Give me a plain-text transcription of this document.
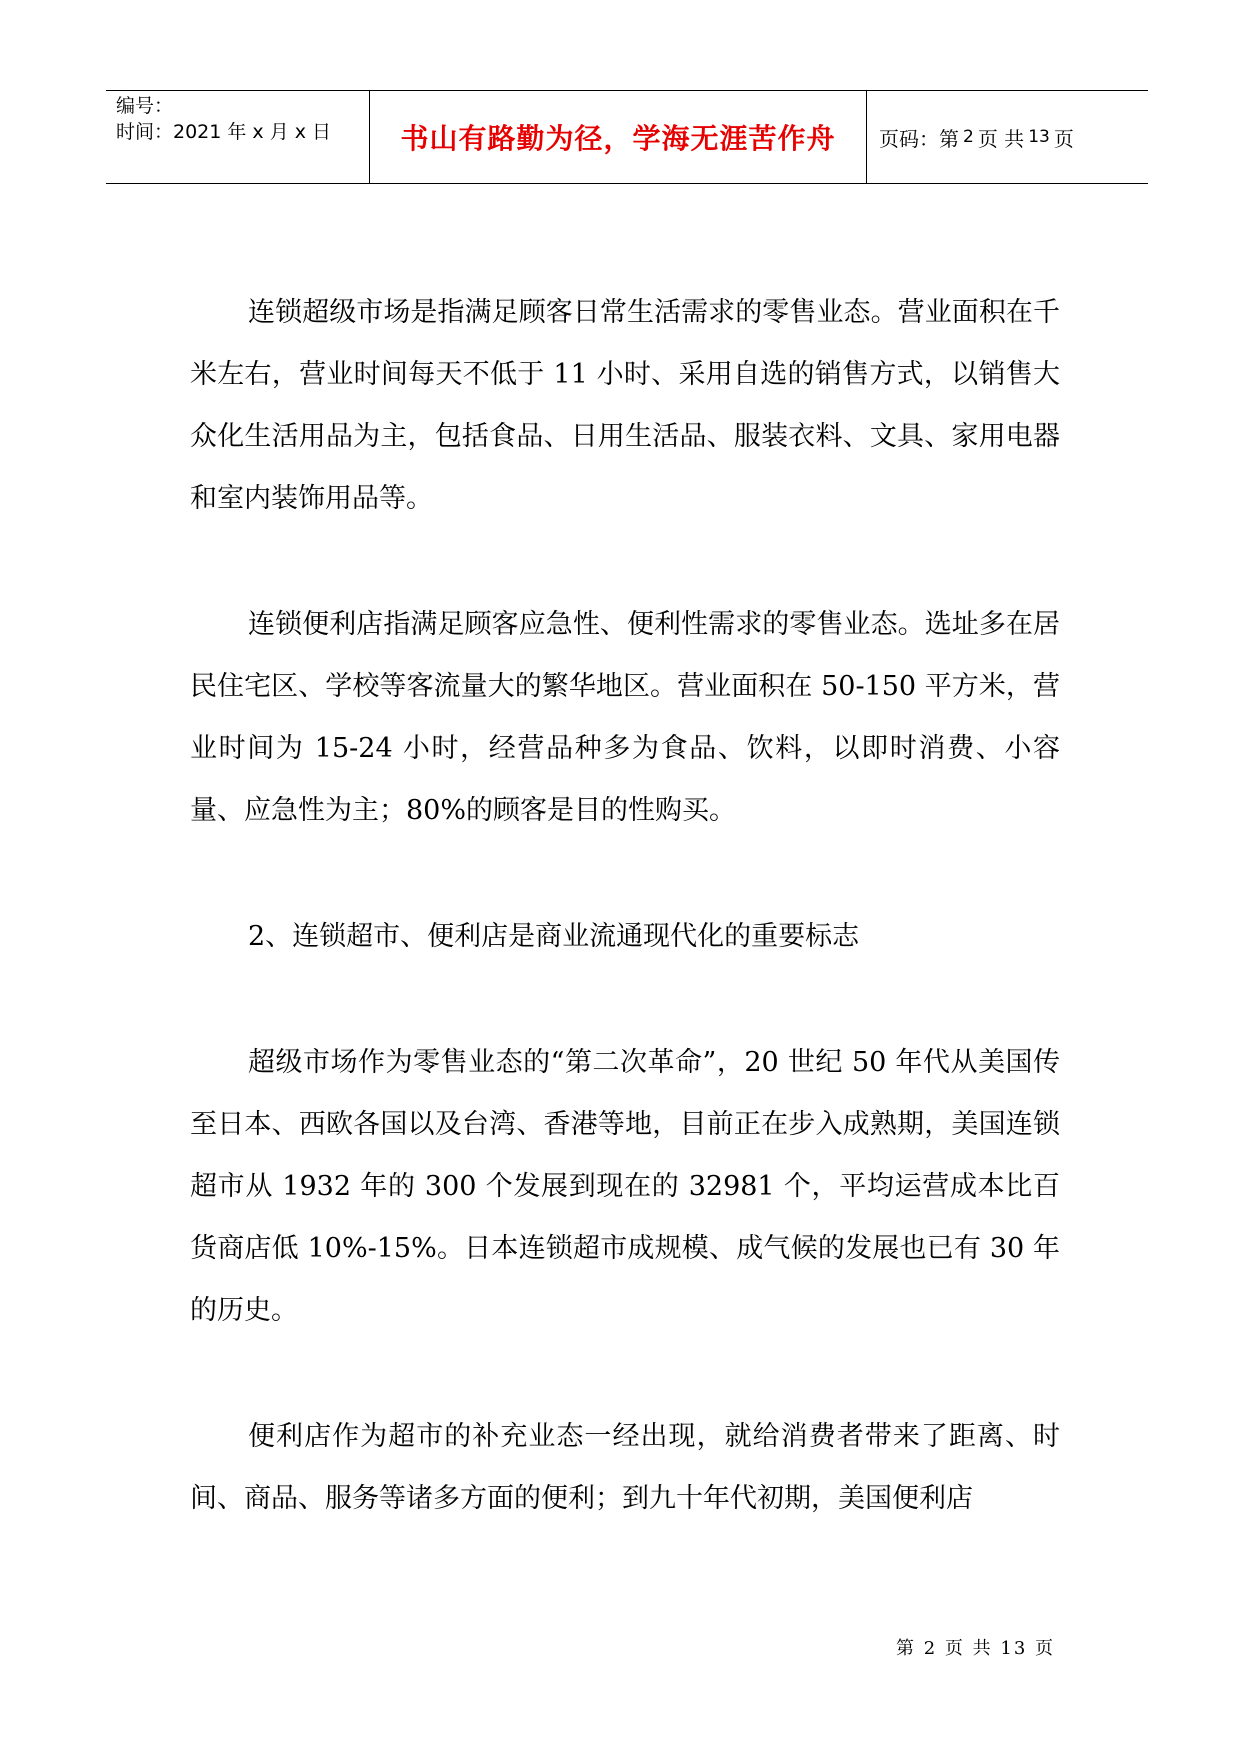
编号：
时间：2021 年 x 月 x 日	书山有路勤为径，学海无涯苦作舟 页码：第 2 页 共 13 页

连锁超级市场是指满足顾客日常生活需求的零售业态。营业面积在千米左右，营业时间每天不低于 11 小时、采用自选的销售方式，以销售大众化生活用品为主，包括食品、日用生活品、服装衣料、文具、家用电器和室内装饰用品等。

连锁便利店指满足顾客应急性、便利性需求的零售业态。选址多在居民住宅区、学校等客流量大的繁华地区。营业面积在 50-150 平方米，营业时间为 15-24 小时，经营品种多为食品、饮料，以即时消费、小容量、应急性为主；80%的顾客是目的性购买。

2、连锁超市、便利店是商业流通现代化的重要标志

超级市场作为零售业态的“第二次革命”，20 世纪 50 年代从美国传至日本、西欧各国以及台湾、香港等地，目前正在步入成熟期，美国连锁超市从 1932 年的 300 个发展到现在的 32981 个，平均运营成本比百货商店低 10%-15%。日本连锁超市成规模、成气候的发展也已有 30 年的历史。

便利店作为超市的补充业态一经出现，就给消费者带来了距离、时间、商品、服务等诸多方面的便利；到九十年代初期，美国便利店

第 2 页 共 13 页
